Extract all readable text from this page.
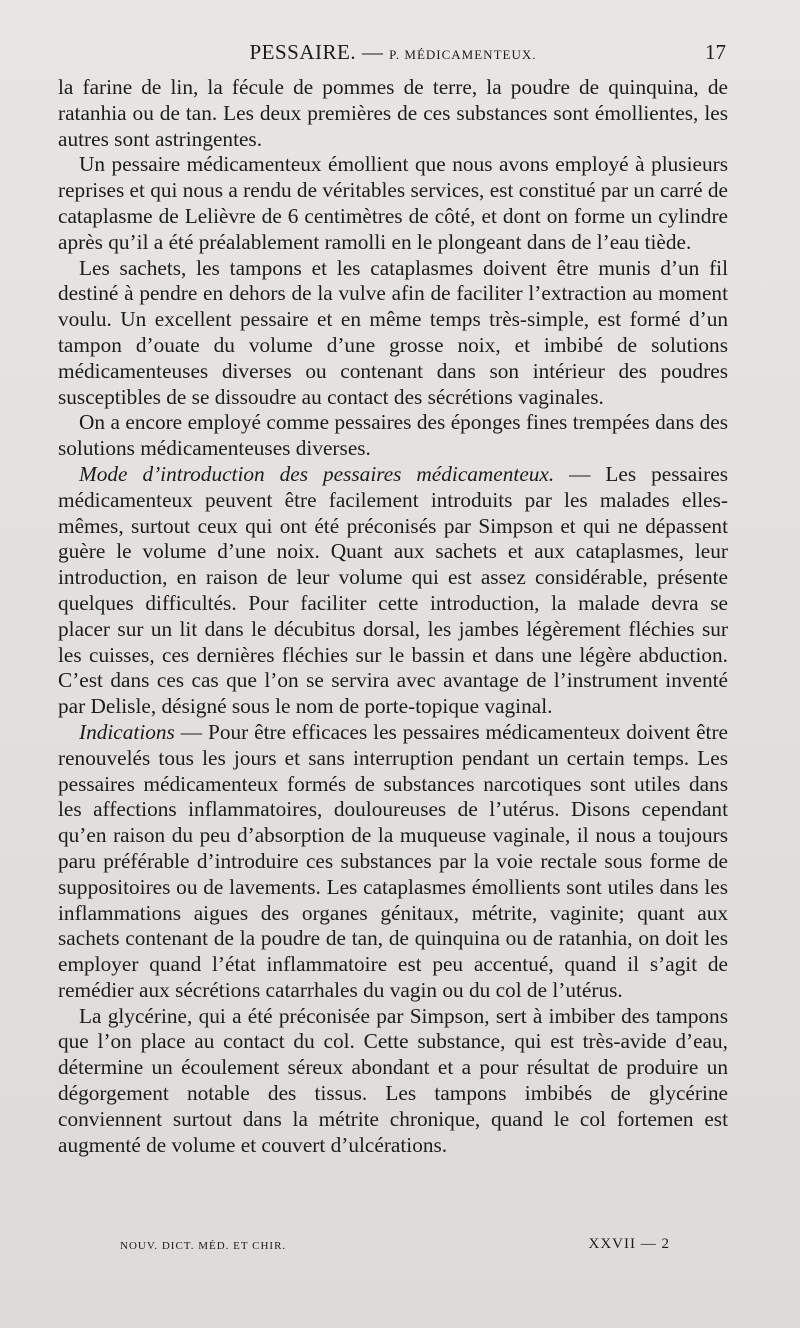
PESSAIRE. — P. MÉDICAMENTEUX.	17

la farine de lin, la fécule de pommes de terre, la poudre de quinquina, de ratanhia ou de tan. Les deux premières de ces substances sont émollientes, les autres sont astringentes.

Un pessaire médicamenteux émollient que nous avons employé à plusieurs reprises et qui nous a rendu de véritables services, est constitué par un carré de cataplasme de Lelièvre de 6 centimètres de côté, et dont on forme un cylindre après qu’il a été préalablement ramolli en le plongeant dans de l’eau tiède.

Les sachets, les tampons et les cataplasmes doivent être munis d’un fil destiné à pendre en dehors de la vulve afin de faciliter l’extraction au moment voulu. Un excellent pessaire et en même temps très-simple, est formé d’un tampon d’ouate du volume d’une grosse noix, et imbibé de solutions médicamenteuses diverses ou contenant dans son intérieur des poudres susceptibles de se dissoudre au contact des sécrétions vaginales.

On a encore employé comme pessaires des éponges fines trempées dans des solutions médicamenteuses diverses.

Mode d’introduction des pessaires médicamenteux. — Les pessaires médicamenteux peuvent être facilement introduits par les malades elles-mêmes, surtout ceux qui ont été préconisés par Simpson et qui ne dépassent guère le volume d’une noix. Quant aux sachets et aux cataplasmes, leur introduction, en raison de leur volume qui est assez considérable, présente quelques difficultés. Pour faciliter cette introduction, la malade devra se placer sur un lit dans le décubitus dorsal, les jambes légèrement fléchies sur les cuisses, ces dernières fléchies sur le bassin et dans une légère abduction. C’est dans ces cas que l’on se servira avec avantage de l’instrument inventé par Delisle, désigné sous le nom de porte-topique vaginal.

Indications — Pour être efficaces les pessaires médicamenteux doivent être renouvelés tous les jours et sans interruption pendant un certain temps. Les pessaires médicamenteux formés de substances narcotiques sont utiles dans les affections inflammatoires, douloureuses de l’utérus. Disons cependant qu’en raison du peu d’absorption de la muqueuse vaginale, il nous a toujours paru préférable d’introduire ces substances par la voie rectale sous forme de suppositoires ou de lavements. Les cataplasmes émollients sont utiles dans les inflammations aigues des organes génitaux, métrite, vaginite; quant aux sachets contenant de la poudre de tan, de quinquina ou de ratanhia, on doit les employer quand l’état inflammatoire est peu accentué, quand il s’agit de remédier aux sécrétions catarrhales du vagin ou du col de l’utérus.

La glycérine, qui a été préconisée par Simpson, sert à imbiber des tampons que l’on place au contact du col. Cette substance, qui est très-avide d’eau, détermine un écoulement séreux abondant et a pour résultat de produire un dégorgement notable des tissus. Les tampons imbibés de glycérine conviennent surtout dans la métrite chronique, quand le col fortemen est augmenté de volume et couvert d’ulcérations.

NOUV. DICT. MÉD. ET CHIR.	XXVII — 2
